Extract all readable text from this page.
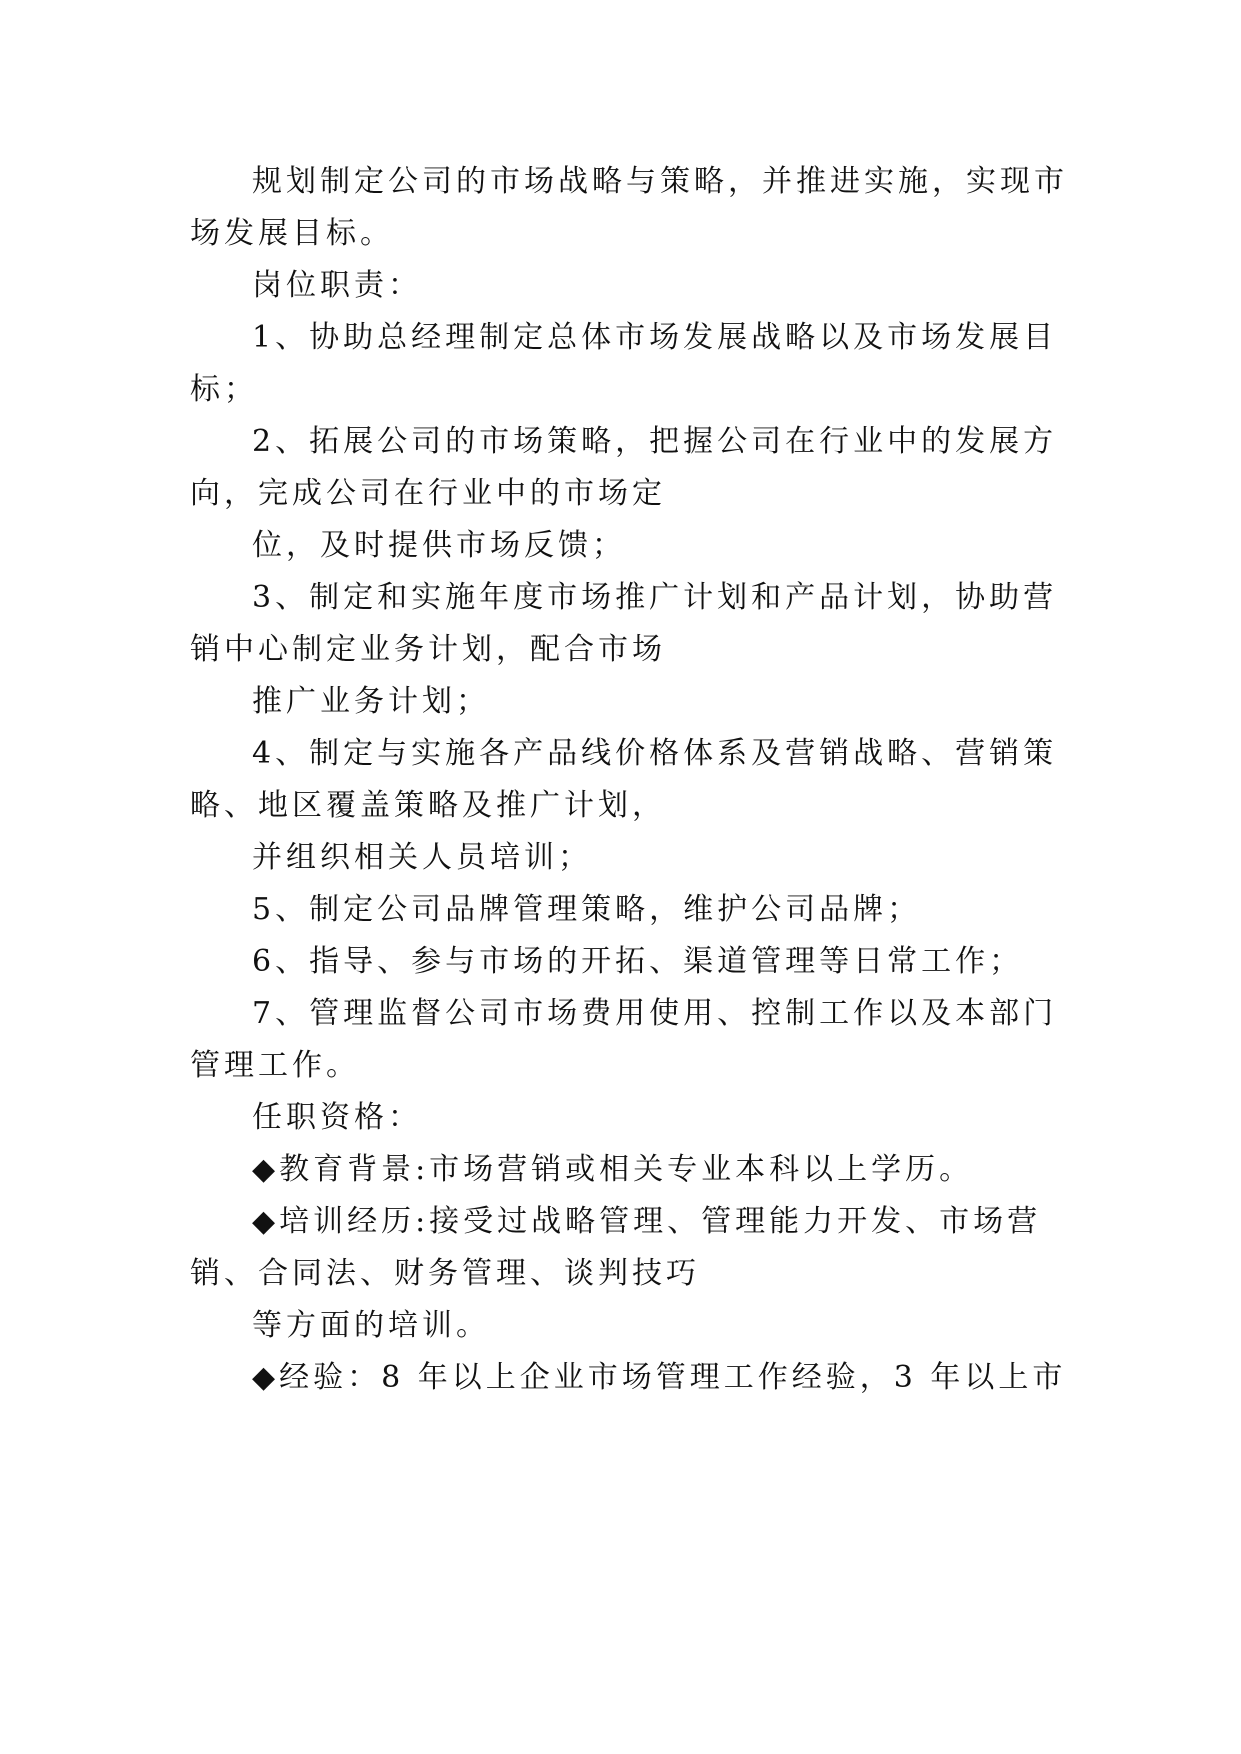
规划制定公司的市场战略与策略，并推进实施，实现市
场发展目标。
岗位职责：
1、协助总经理制定总体市场发展战略以及市场发展目
标；
2、拓展公司的市场策略，把握公司在行业中的发展方
向，完成公司在行业中的市场定
位，及时提供市场反馈；
3、制定和实施年度市场推广计划和产品计划，协助营
销中心制定业务计划，配合市场
推广业务计划；
4、制定与实施各产品线价格体系及营销战略、营销策
略、地区覆盖策略及推广计划，
并组织相关人员培训；
5、制定公司品牌管理策略，维护公司品牌；
6、指导、参与市场的开拓、渠道管理等日常工作；
7、管理监督公司市场费用使用、控制工作以及本部门
管理工作。
任职资格：
◆教育背景:市场营销或相关专业本科以上学历。
◆培训经历:接受过战略管理、管理能力开发、市场营
销、合同法、财务管理、谈判技巧
等方面的培训。
◆经验：8 年以上企业市场管理工作经验，3 年以上市
